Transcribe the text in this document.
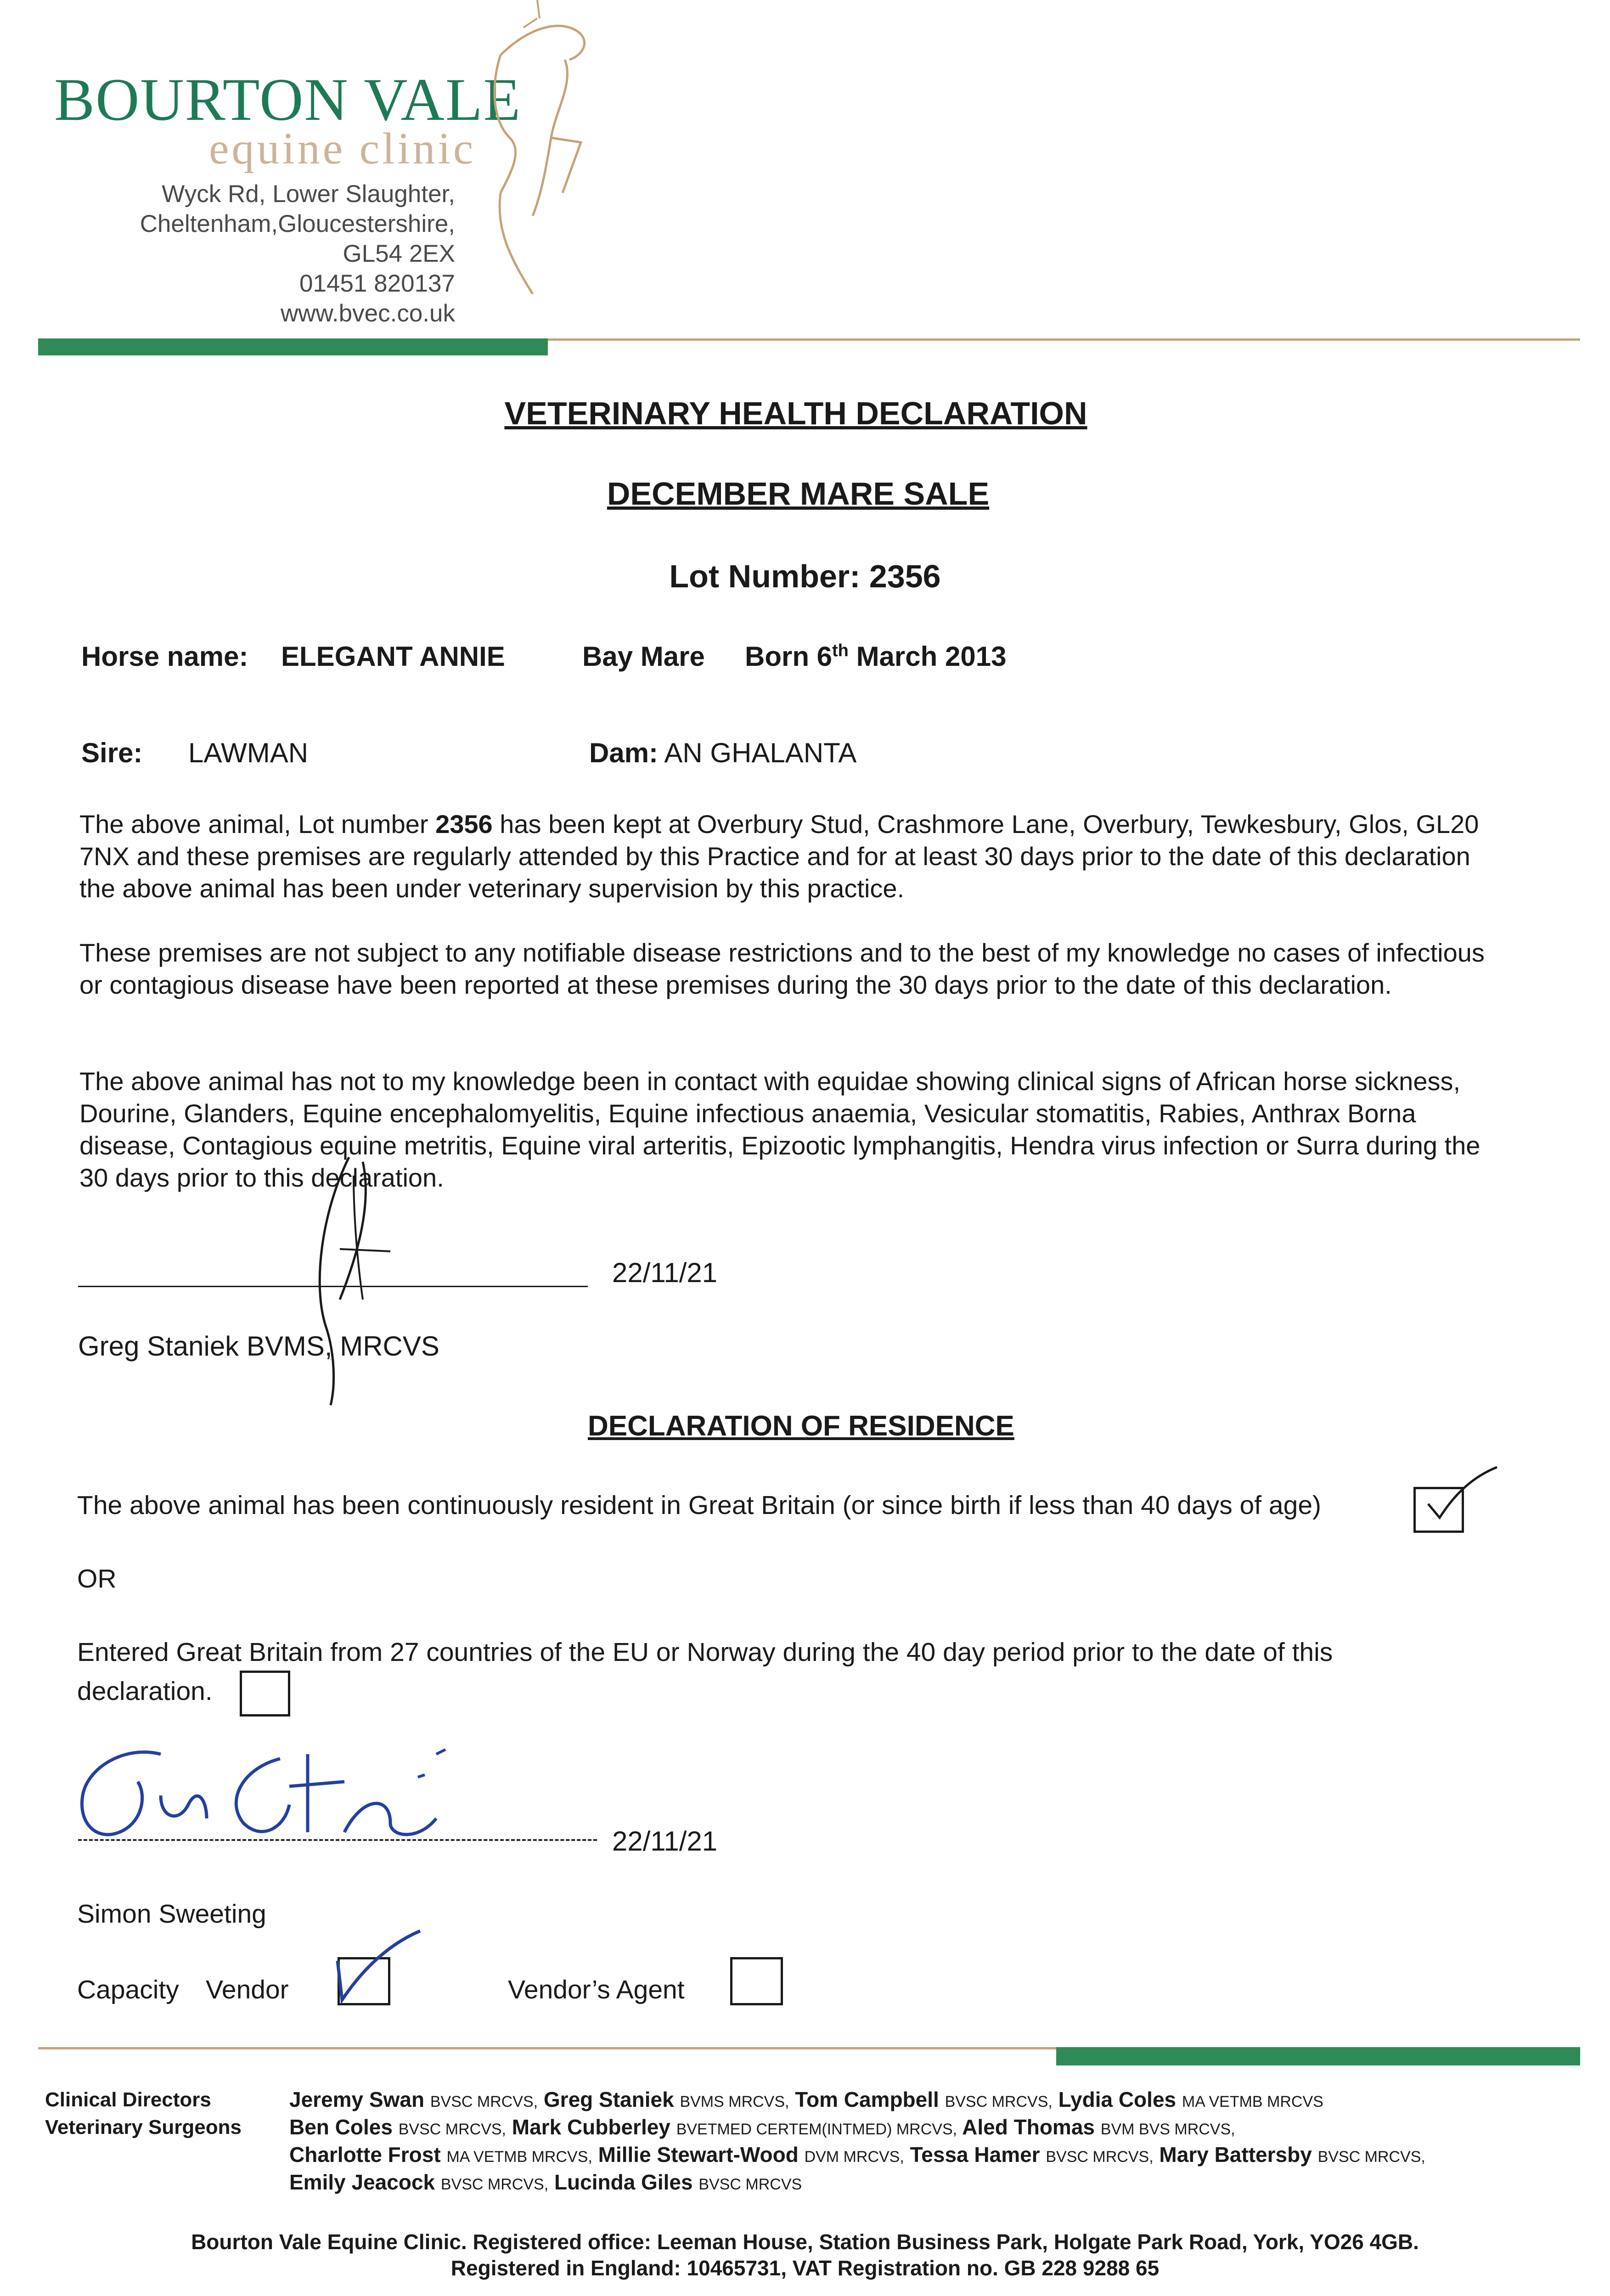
BOURTON VALE
equine clinic
Wyck Rd, Lower Slaughter,
Cheltenham,Gloucestershire,
GL54 2EX
01451 820137
www.bvec.co.uk
VETERINARY HEALTH DECLARATION
DECEMBER MARE SALE
Lot Number: 2356
Horse name: ELEGANT ANNIE	Bay Mare Born 6th March 2013
Sire: LAWMAN	Dam: AN GHALANTA
The above animal, Lot number 2356 has been kept at Overbury Stud, Crashmore Lane, Overbury, Tewkesbury, Glos, GL20 7NX and these premises are regularly attended by this Practice and for at least 30 days prior to the date of this declaration the above animal has been under veterinary supervision by this practice.
These premises are not subject to any notifiable disease restrictions and to the best of my knowledge no cases of infectious or contagious disease have been reported at these premises during the 30 days prior to the date of this declaration.
The above animal has not to my knowledge been in contact with equidae showing clinical signs of African horse sickness, Dourine, Glanders, Equine encephalomyelitis, Equine infectious anaemia, Vesicular stomatitis, Rabies, Anthrax Borna disease, Contagious equine metritis, Equine viral arteritis, Epizootic lymphangitis, Hendra virus infection or Surra during the 30 days prior to this declaration.
22/11/21
Greg Staniek BVMS, MRCVS
DECLARATION OF RESIDENCE
The above animal has been continuously resident in Great Britain (or since birth if less than 40 days of age)
OR
Entered Great Britain from 27 countries of the EU or Norway during the 40 day period prior to the date of this
declaration.
22/11/21
Simon Sweeting
Capacity Vendor	Vendor’s Agent
Clinical Directors
Veterinary Surgeons
Jeremy Swan BVSC MRCVS, Greg Staniek BVMS MRCVS, Tom Campbell BVSC MRCVS, Lydia Coles MA VETMB MRCVS
Ben Coles BVSC MRCVS, Mark Cubberley BVETMED CERTEM(INTMED) MRCVS, Aled Thomas BVM BVS MRCVS,
Charlotte Frost MA VETMB MRCVS, Millie Stewart-Wood DVM MRCVS, Tessa Hamer BVSC MRCVS, Mary Battersby BVSC MRCVS,
Emily Jeacock BVSC MRCVS, Lucinda Giles BVSC MRCVS
Bourton Vale Equine Clinic. Registered office: Leeman House, Station Business Park, Holgate Park Road, York, YO26 4GB.
Registered in England: 10465731, VAT Registration no. GB 228 9288 65
